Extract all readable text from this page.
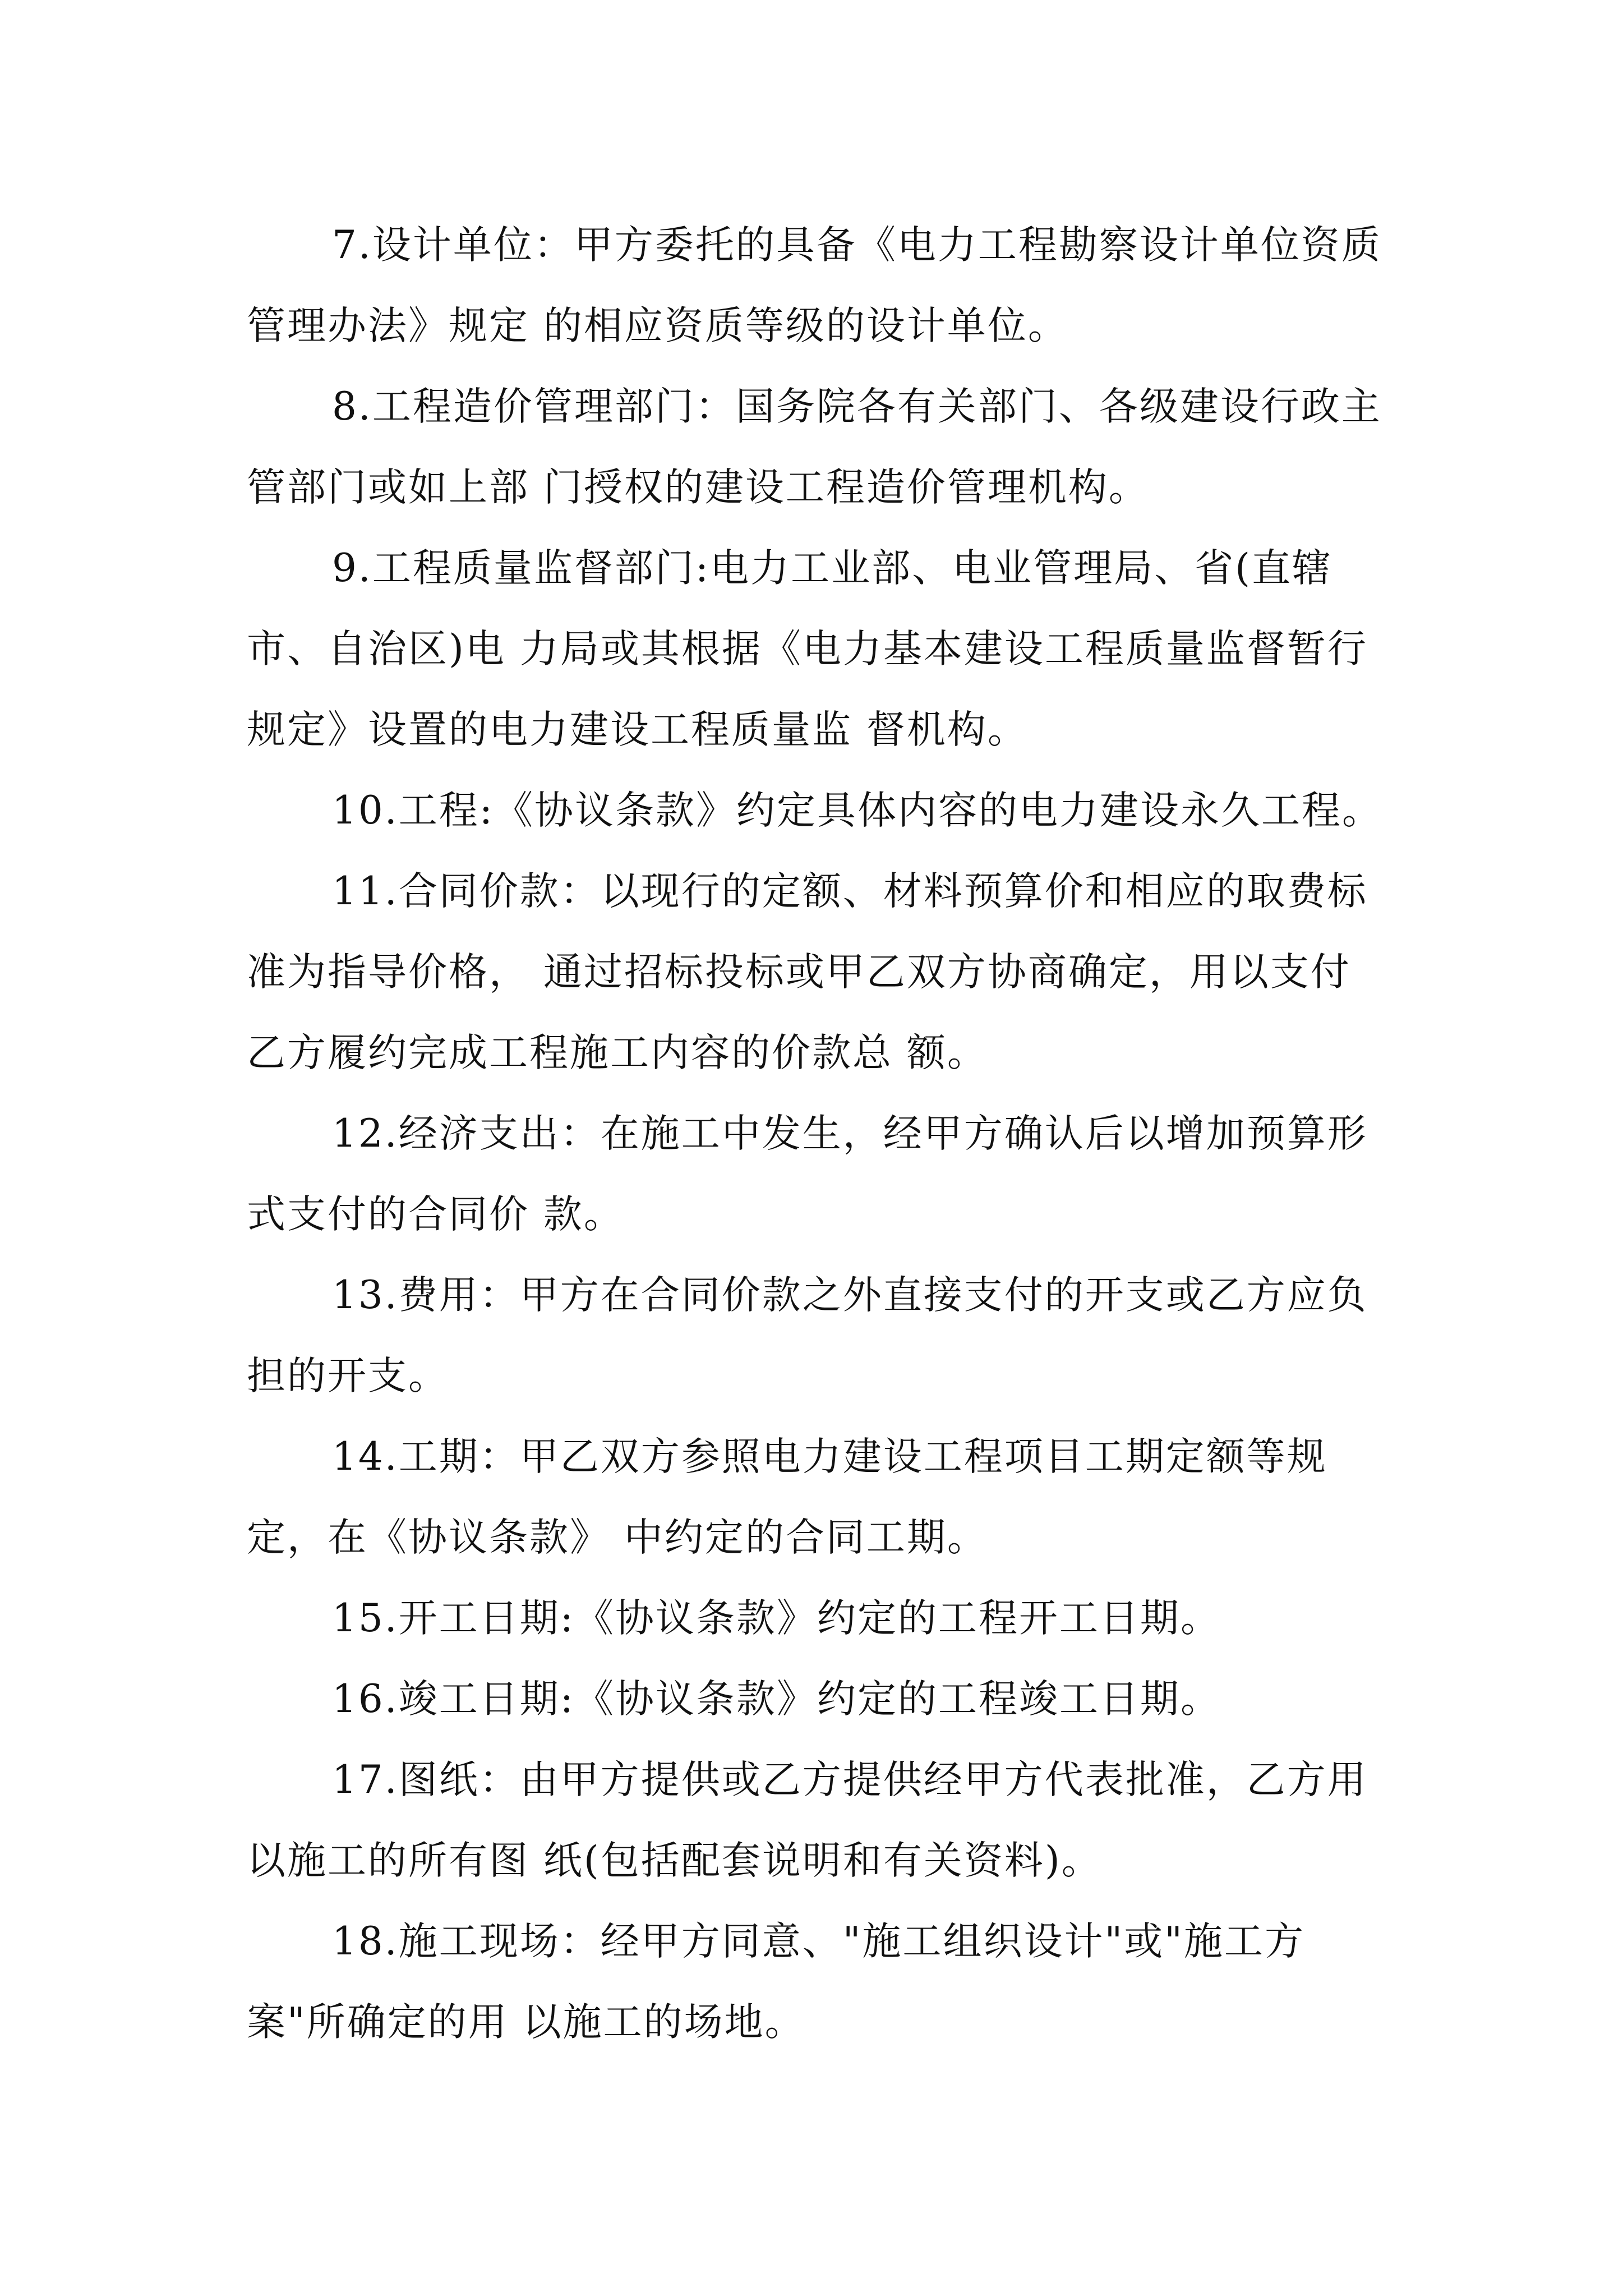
7.设计单位：甲方委托的具备《电力工程勘察设计单位资质管理办法》规定 的相应资质等级的设计单位。

8.工程造价管理部门：国务院各有关部门、各级建设行政主管部门或如上部 门授权的建设工程造价管理机构。

9.工程质量监督部门:电力工业部、电业管理局、省(直辖市、自治区)电 力局或其根据《电力基本建设工程质量监督暂行规定》设置的电力建设工程质量监 督机构。

10.工程:《协议条款》约定具体内容的电力建设永久工程。

11.合同价款：以现行的定额、材料预算价和相应的取费标准为指导价格， 通过招标投标或甲乙双方协商确定，用以支付乙方履约完成工程施工内容的价款总 额。

12.经济支出：在施工中发生，经甲方确认后以增加预算形式支付的合同价 款。

13.费用：甲方在合同价款之外直接支付的开支或乙方应负担的开支。

14.工期：甲乙双方参照电力建设工程项目工期定额等规定，在《协议条款》 中约定的合同工期。

15.开工日期:《协议条款》约定的工程开工日期。

16.竣工日期:《协议条款》约定的工程竣工日期。

17.图纸：由甲方提供或乙方提供经甲方代表批准，乙方用以施工的所有图 纸(包括配套说明和有关资料)。

18.施工现场：经甲方同意、"施工组织设计"或"施工方案"所确定的用 以施工的场地。
